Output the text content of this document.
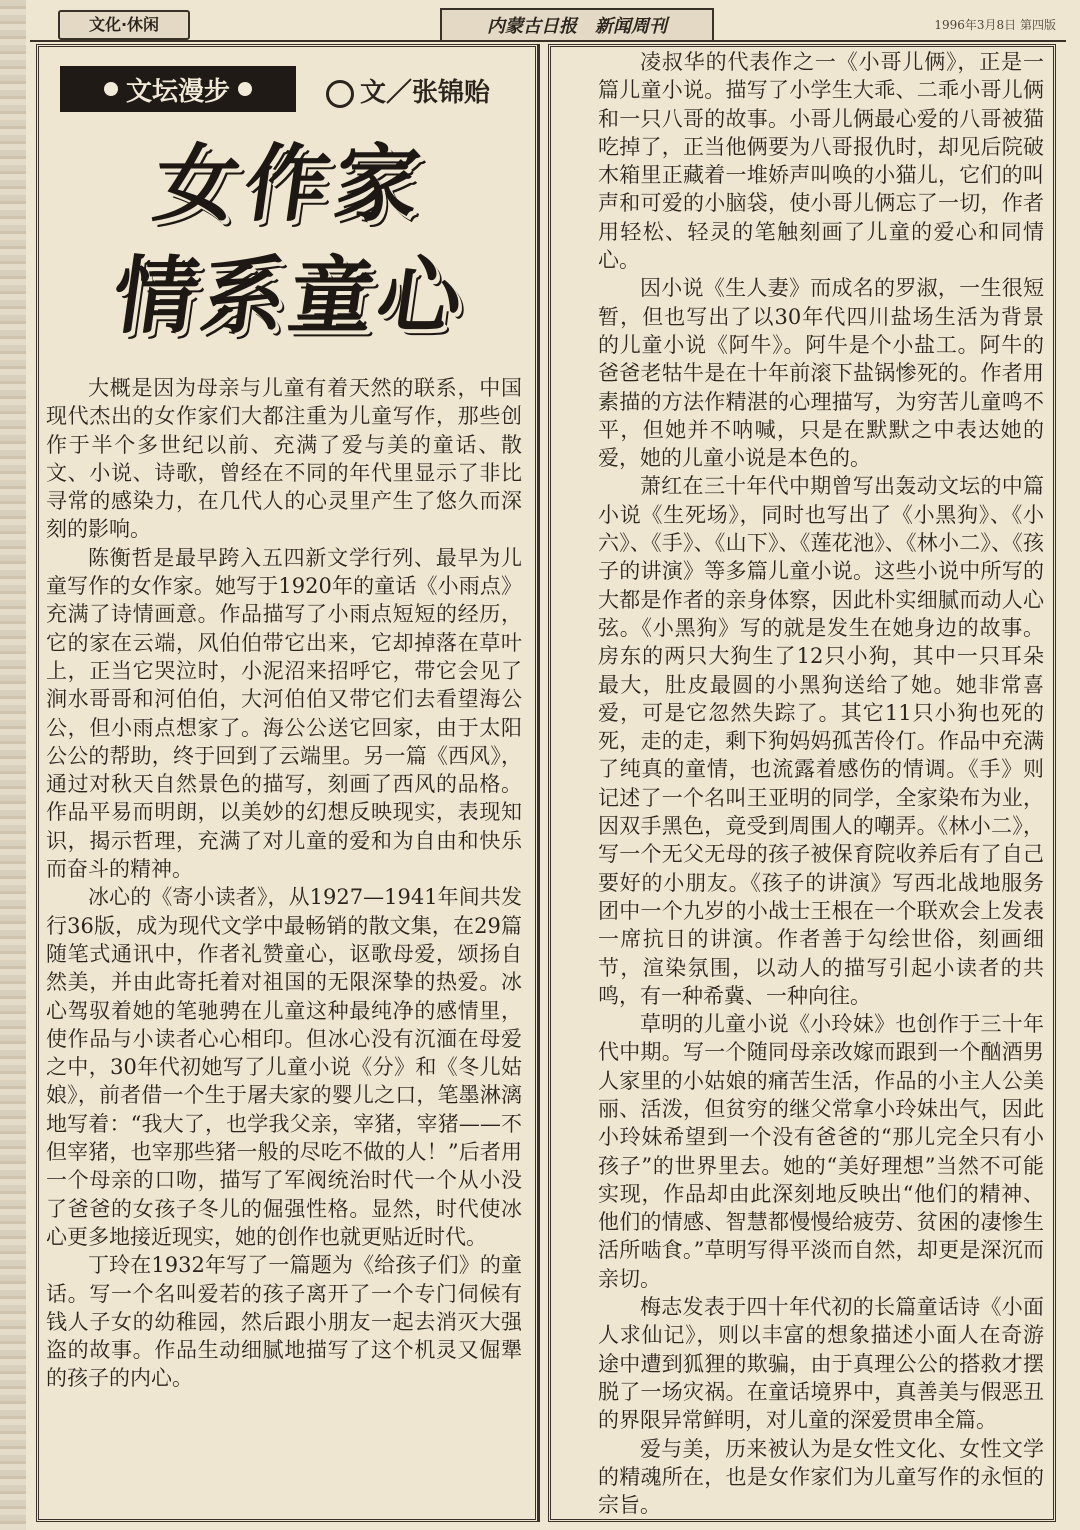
文化·休闲	内蒙古日报 新闻周刊	1996年3月8日 第四版
文坛漫步	文／张锦贻
女作家
情系童心

大概是因为母亲与儿童有着天然的联系，中国现代杰出的女作家们大都注重为儿童写作，那些创作于半个多世纪以前、充满了爱与美的童话、散文、小说、诗歌，曾经在不同的年代里显示了非比寻常的感染力，在几代人的心灵里产生了悠久而深刻的影响。

陈衡哲是最早跨入五四新文学行列、最早为儿童写作的女作家。她写于1920年的童话《小雨点》充满了诗情画意。作品描写了小雨点短短的经历，它的家在云端，风伯伯带它出来，它却掉落在草叶上，正当它哭泣时，小泥沼来招呼它，带它会见了涧水哥哥和河伯伯，大河伯伯又带它们去看望海公公，但小雨点想家了。海公公送它回家，由于太阳公公的帮助，终于回到了云端里。另一篇《西风》，通过对秋天自然景色的描写，刻画了西风的品格。作品平易而明朗，以美妙的幻想反映现实，表现知识，揭示哲理，充满了对儿童的爱和为自由和快乐而奋斗的精神。

冰心的《寄小读者》，从1927—1941年间共发行36版，成为现代文学中最畅销的散文集，在29篇随笔式通讯中，作者礼赞童心，讴歌母爱，颂扬自然美，并由此寄托着对祖国的无限深挚的热爱。冰心驾驭着她的笔驰骋在儿童这种最纯净的感情里，使作品与小读者心心相印。但冰心没有沉湎在母爱之中，30年代初她写了儿童小说《分》和《冬儿姑娘》，前者借一个生于屠夫家的婴儿之口，笔墨淋漓地写着：“我大了，也学我父亲，宰猪，宰猪——不但宰猪，也宰那些猪一般的尽吃不做的人！”后者用一个母亲的口吻，描写了军阀统治时代一个从小没了爸爸的女孩子冬儿的倔强性格。显然，时代使冰心更多地接近现实，她的创作也就更贴近时代。

丁玲在1932年写了一篇题为《给孩子们》的童话。写一个名叫爱若的孩子离开了一个专门伺候有钱人子女的幼稚园，然后跟小朋友一起去消灭大强盗的故事。作品生动细腻地描写了这个机灵又倔犟的孩子的内心。

凌叔华的代表作之一《小哥儿俩》，正是一篇儿童小说。描写了小学生大乖、二乖小哥儿俩和一只八哥的故事。小哥儿俩最心爱的八哥被猫吃掉了，正当他俩要为八哥报仇时，却见后院破木箱里正藏着一堆娇声叫唤的小猫儿，它们的叫声和可爱的小脑袋，使小哥儿俩忘了一切，作者用轻松、轻灵的笔触刻画了儿童的爱心和同情心。

因小说《生人妻》而成名的罗淑，一生很短暂，但也写出了以30年代四川盐场生活为背景的儿童小说《阿牛》。阿牛是个小盐工。阿牛的爸爸老牯牛是在十年前滚下盐锅惨死的。作者用素描的方法作精湛的心理描写，为穷苦儿童鸣不平，但她并不呐喊，只是在默默之中表达她的爱，她的儿童小说是本色的。

萧红在三十年代中期曾写出轰动文坛的中篇小说《生死场》，同时也写出了《小黑狗》、《小六》、《手》、《山下》、《莲花池》、《林小二》、《孩子的讲演》等多篇儿童小说。这些小说中所写的大都是作者的亲身体察，因此朴实细腻而动人心弦。《小黑狗》写的就是发生在她身边的故事。房东的两只大狗生了12只小狗，其中一只耳朵最大，肚皮最圆的小黑狗送给了她。她非常喜爱，可是它忽然失踪了。其它11只小狗也死的死，走的走，剩下狗妈妈孤苦伶仃。作品中充满了纯真的童情，也流露着感伤的情调。《手》则记述了一个名叫王亚明的同学，全家染布为业，因双手黑色，竟受到周围人的嘲弄。《林小二》，写一个无父无母的孩子被保育院收养后有了自己要好的小朋友。《孩子的讲演》写西北战地服务团中一个九岁的小战士王根在一个联欢会上发表一席抗日的讲演。作者善于勾绘世俗，刻画细节，渲染氛围，以动人的描写引起小读者的共鸣，有一种希冀、一种向往。

草明的儿童小说《小玲妹》也创作于三十年代中期。写一个随同母亲改嫁而跟到一个酗酒男人家里的小姑娘的痛苦生活，作品的小主人公美丽、活泼，但贫穷的继父常拿小玲妹出气，因此小玲妹希望到一个没有爸爸的“那儿完全只有小孩子”的世界里去。她的“美好理想”当然不可能实现，作品却由此深刻地反映出“他们的精神、他们的情感、智慧都慢慢给疲劳、贫困的凄惨生活所啮食。”草明写得平淡而自然，却更是深沉而亲切。

梅志发表于四十年代初的长篇童话诗《小面人求仙记》，则以丰富的想象描述小面人在奇游途中遭到狐狸的欺骗，由于真理公公的搭救才摆脱了一场灾祸。在童话境界中，真善美与假恶丑的界限异常鲜明，对儿童的深爱贯串全篇。

爱与美，历来被认为是女性文化、女性文学的精魂所在，也是女作家们为儿童写作的永恒的宗旨。
